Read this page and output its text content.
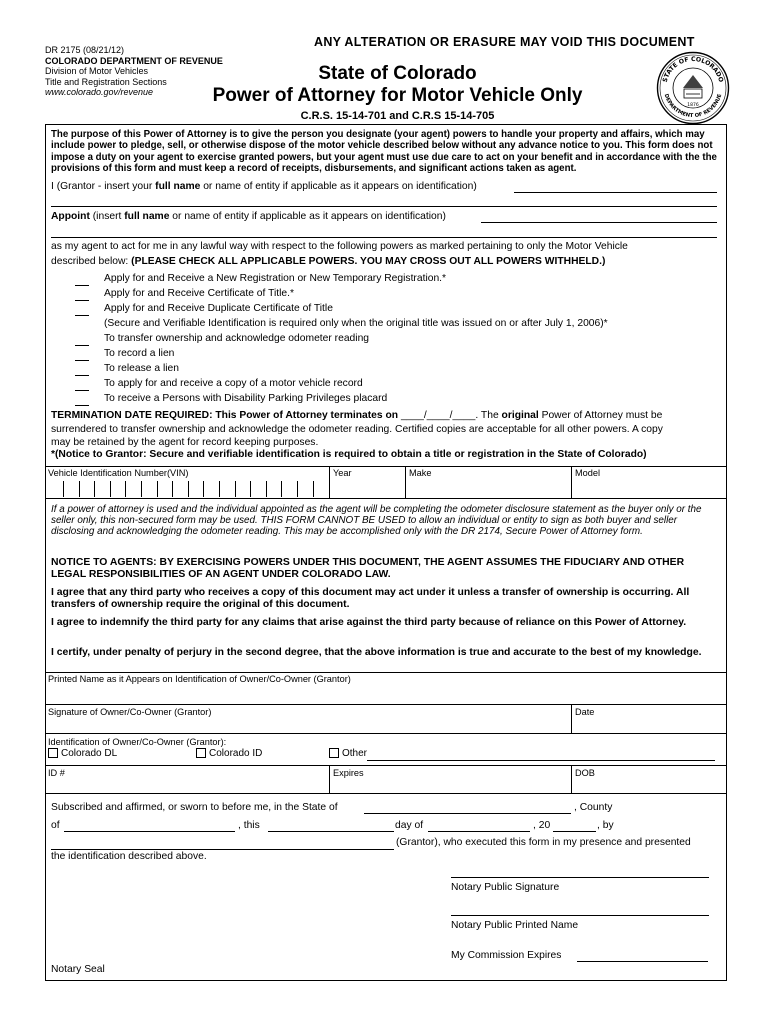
ANY ALTERATION OR ERASURE MAY VOID THIS DOCUMENT
DR 2175 (08/21/12)
COLORADO DEPARTMENT OF REVENUE
Division of Motor Vehicles
Title and Registration Sections
www.colorado.gov/revenue
State of Colorado
Power of Attorney for Motor Vehicle Only
C.R.S. 15-14-701 and C.R.S 15-14-705
STATE OF COLORADO
DEPARTMENT OF REVENUE
1876
The purpose of this Power of Attorney is to give the person you designate (your agent) powers to handle your property and affairs, which may include power to pledge, sell, or otherwise dispose of the motor vehicle described below without any advance notice to you. This form does not impose a duty on your agent to exercise granted powers, but your agent must use due care to act on your benefit and in accordance with the the provisions of this form and must keep a record of receipts, disbursements, and significant actions taken as agent.
I (Grantor - insert your full name or name of entity if applicable as it appears on identification)
Appoint (insert full name or name of entity if applicable as it appears on identification)
as my agent to act for me in any lawful way with respect to the following powers as marked pertaining to only the Motor Vehicle
described below: (PLEASE CHECK ALL APPLICABLE POWERS. YOU MAY CROSS OUT ALL POWERS WITHHELD.)
Apply for and Receive a New Registration or New Temporary Registration.*
Apply for and Receive Certificate of Title.*
Apply for and Receive Duplicate Certificate of Title
(Secure and Verifiable Identification is required only when the original title was issued on or after July 1, 2006)*
To transfer ownership and acknowledge odometer reading
To record a lien
To release a lien
To apply for and receive a copy of a motor vehicle record
To receive a Persons with Disability Parking Privileges placard
TERMINATION DATE REQUIRED: This Power of Attorney terminates on ____/____/____. The original Power of Attorney must be
surrendered to transfer ownership and acknowledge the odometer reading. Certified copies are acceptable for all other powers. A copy
may be retained by the agent for record keeping purposes.
*(Notice to Grantor: Secure and verifiable identification is required to obtain a title or registration in the State of Colorado)
Vehicle Identification Number(VIN)	Year	Make	Model
If a power of attorney is used and the individual appointed as the agent will be completing the odometer disclosure statement as the buyer only or the seller only, this non-secured form may be used. THIS FORM CANNOT BE USED to allow an individual or entity to sign as both buyer and seller disclosing and acknowledging the odometer reading. This may be accomplished only with the DR 2174, Secure Power of Attorney form.
NOTICE TO AGENTS: BY EXERCISING POWERS UNDER THIS DOCUMENT, THE AGENT ASSUMES THE FIDUCIARY AND OTHER LEGAL RESPONSIBILITIES OF AN AGENT UNDER COLORADO LAW.
I agree that any third party who receives a copy of this document may act under it unless a transfer of ownership is occurring. All transfers of ownership require the original of this document.
I agree to indemnify the third party for any claims that arise against the third party because of reliance on this Power of Attorney.
I certify, under penalty of perjury in the second degree, that the above information is true and accurate to the best of my knowledge.
Printed Name as it Appears on Identification of Owner/Co-Owner (Grantor)
Signature of Owner/Co-Owner (Grantor)	Date
Identification of Owner/Co-Owner (Grantor):
Colorado DL	Colorado ID	Other
ID #	Expires	DOB
Subscribed and affirmed, or sworn to before me, in the State of	, County
of	, this	day of	, 20	, by
(Grantor), who executed this form in my presence and presented
the identification described above.
Notary Public Signature
Notary Public Printed Name
My Commission Expires
Notary Seal
